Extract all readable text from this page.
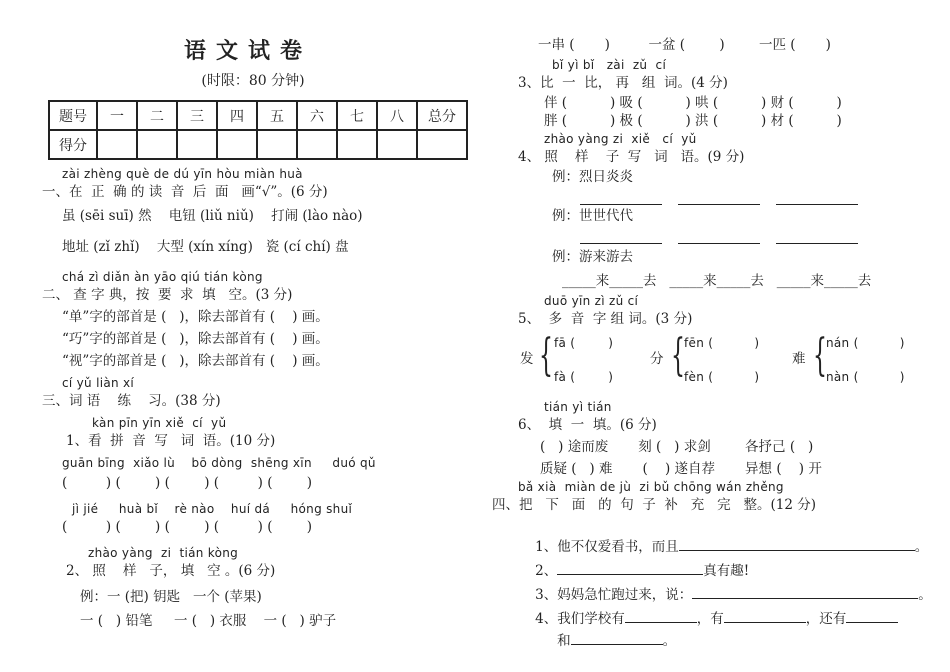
语文试卷
(时限：80 分钟)
题号	一	二	三	四	五	六	七	八	总分
得分									
zài zhèng què de dú yīn hòu miàn huà
一、在  正  确 的 读  音  后  面   画“√”。(6 分)
虽 (sēi suī) 然    电钮 (liǔ niǔ)    打闹 (lào nào)
地址 (zǐ zhǐ)    大型 (xín xíng)   瓷 (cí chí) 盘
chá zì diǎn àn yāo qiú tián kòng
二、 查 字 典，按  要  求  填   空。(3 分)
“单”字的部首是 (   )，除去部首有 (    ) 画。
“巧”字的部首是 (   )，除去部首有 (    ) 画。
“视”字的部首是 (   )，除去部首有 (    ) 画。
cí yǔ liàn xí
三、词 语    练    习。(38 分)
kàn pīn yīn xiě  cí  yǔ
1、看  拼  音  写   词  语。(10 分)
guān bīng  xiǎo lù    bō dòng  shēng xīn     duó qǔ
(         ) (        ) (        ) (         ) (        )
jì jié     huà bǐ    rè nào    huí dá     hóng shuǐ
(         ) (        ) (        ) (         ) (        )
zhào yàng  zi  tián kòng
2、 照    样   子， 填   空 。(6 分)
例：一 (把) 钥匙   一个 (苹果)
一 (   ) 铅笔     一 (   ) 衣服    一 (   ) 驴子
一串 (       )         一盆 (        )        一匹 (       )
bǐ yì bǐ   zài  zǔ  cí
3、比  一  比， 再   组  词。(4 分)
伴 (          ) 吸 (          ) 哄 (          ) 财 (          )
胖 (          ) 极 (          ) 洪 (          ) 材 (          )
zhào yàng zi  xiě   cí  yǔ
4、 照    样    子  写   词   语。(9 分)
例：烈日炎炎
例：世世代代
例：游来游去
_____来_____去   _____来_____去   _____来_____去
duō yīn zì zǔ cí
5、  多  音  字 组 词。(3 分)
发 { fā (        )
fà (        )
分 { fēn (          )
fèn (          )
难 { nán (          )
nàn (          )
tián yì tián
6、  填  一  填。(6 分)
(   ) 途而废       刻 (   ) 求剑        各抒己 (   )
质疑 (   ) 难       (    ) 遂自荐       异想 (    ) 开
bǎ xià  miàn de jù  zi bǔ chōng wán zhěng
四、把   下   面   的  句  子  补   充   完   整。(12 分)

1、他不仅爱看书，而且	。

2、	真有趣!

3、妈妈急忙跑过来，说：	。

4、我们学校有	，有	，还有

和	。
